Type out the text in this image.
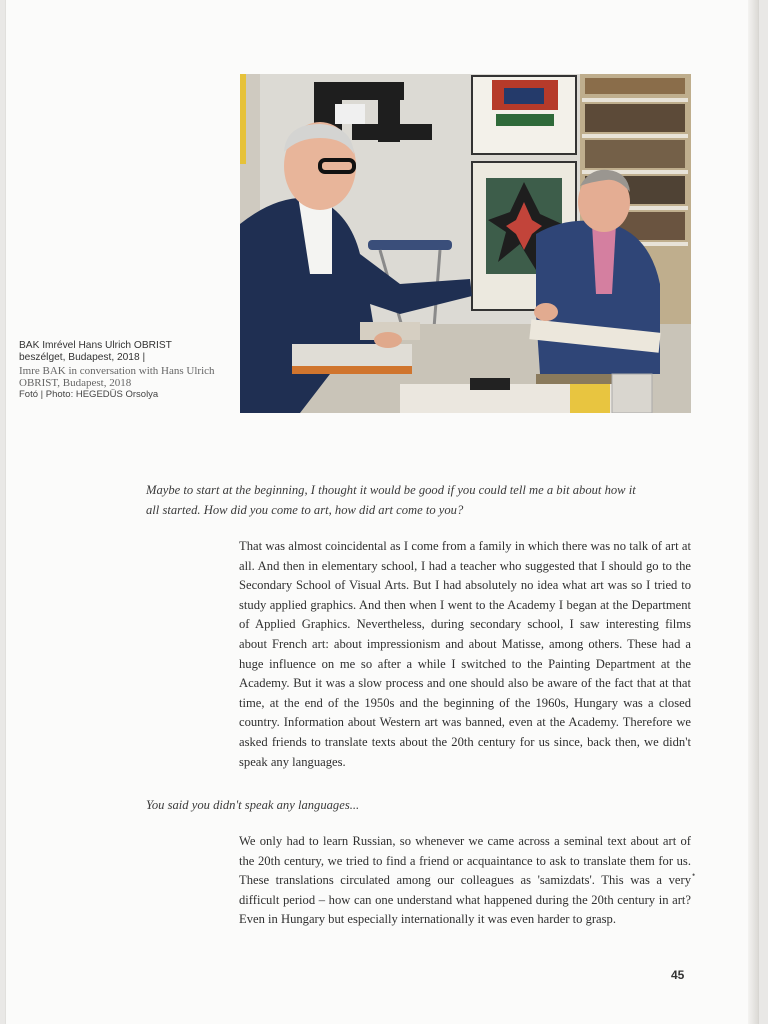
BAK Imrével Hans Ulrich OBRIST beszélget, Budapest, 2018 |
Imre BAK in conversation with Hans Ulrich OBRIST, Budapest, 2018
Fotó | Photo: HEGEDÜS Orsolya
Maybe to start at the beginning, I thought it would be good if you could tell me a bit about how it all started. How did you come to art, how did art come to you?
That was almost coincidental as I come from a family in which there was no talk of art at all. And then in elementary school, I had a teacher who suggested that I should go to the Secondary School of Visual Arts. But I had absolutely no idea what art was so I tried to study applied graphics. And then when I went to the Academy I began at the Department of Applied Graphics. Nevertheless, during secondary school, I saw interesting films about French art: about impressionism and about Matisse, among others. These had a huge influence on me so after a while I switched to the Painting Department at the Academy. But it was a slow process and one should also be aware of the fact that at that time, at the end of the 1950s and the beginning of the 1960s, Hungary was a closed country. Information about Western art was banned, even at the Academy. Therefore we asked friends to translate texts about the 20th century for us since, back then, we didn't speak any languages.
You said you didn't speak any languages...
We only had to learn Russian, so whenever we came across a seminal text about art of the 20th century, we tried to find a friend or acquaintance to ask to translate them for us. These translations circulated among our colleagues as 'samizdats'. This was a very difficult period – how can one understand what happened during the 20th century in art? Even in Hungary but especially internationally it was even harder to grasp.
•
45
